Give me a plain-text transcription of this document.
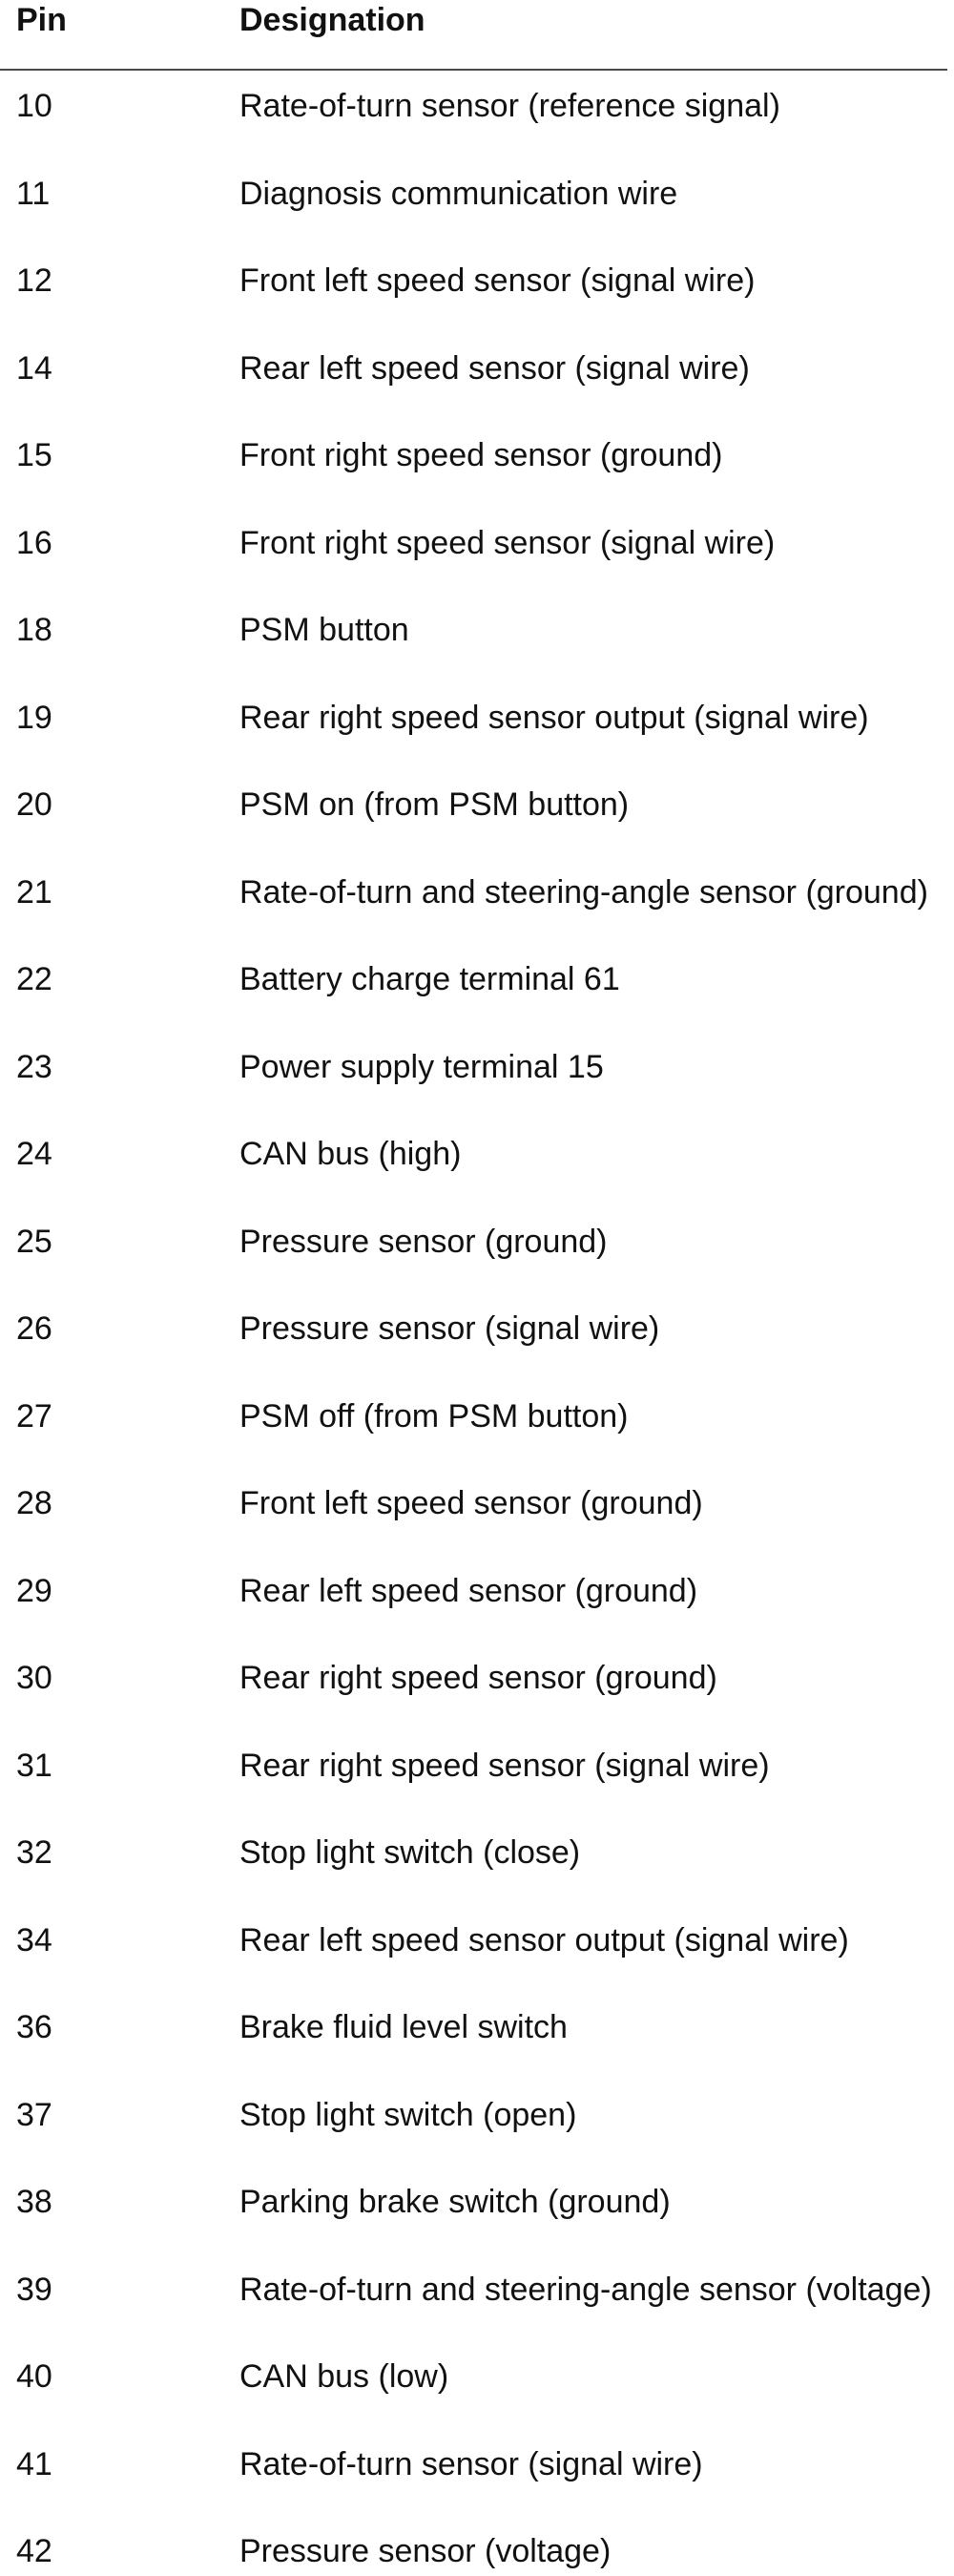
Pin	Designation
10	Rate-of-turn sensor (reference signal)
11	Diagnosis communication wire
12	Front left speed sensor (signal wire)
14	Rear left speed sensor (signal wire)
15	Front right speed sensor (ground)
16	Front right speed sensor (signal wire)
18	PSM button
19	Rear right speed sensor output (signal wire)
20	PSM on (from PSM button)
21	Rate-of-turn and steering-angle sensor (ground)
22	Battery charge terminal 61
23	Power supply terminal 15
24	CAN bus (high)
25	Pressure sensor (ground)
26	Pressure sensor (signal wire)
27	PSM off (from PSM button)
28	Front left speed sensor (ground)
29	Rear left speed sensor (ground)
30	Rear right speed sensor (ground)
31	Rear right speed sensor (signal wire)
32	Stop light switch (close)
34	Rear left speed sensor output (signal wire)
36	Brake fluid level switch
37	Stop light switch (open)
38	Parking brake switch (ground)
39	Rate-of-turn and steering-angle sensor (voltage)
40	CAN bus (low)
41	Rate-of-turn sensor (signal wire)
42	Pressure sensor (voltage)
